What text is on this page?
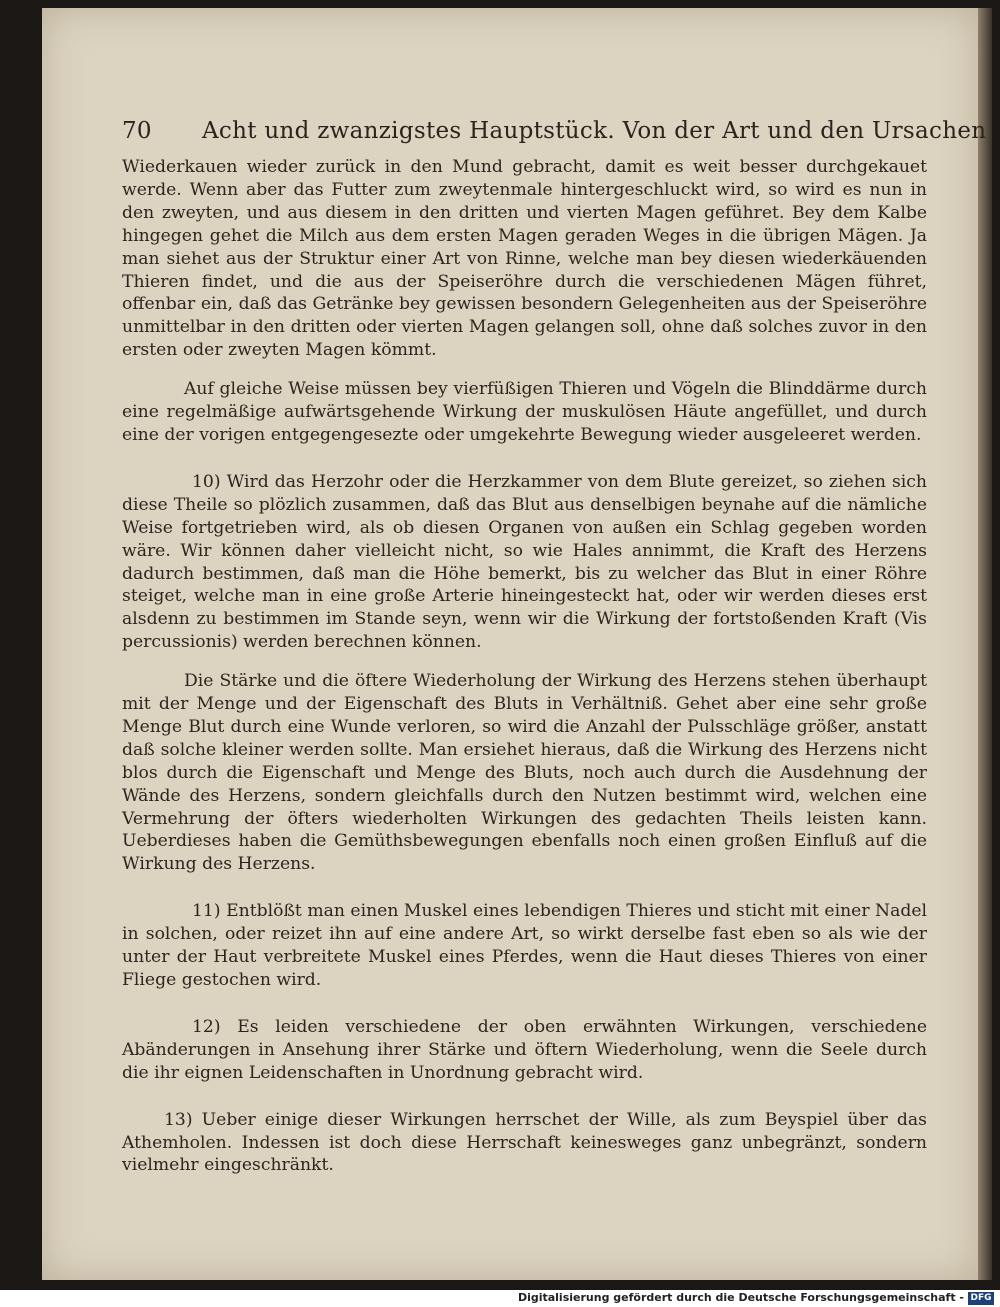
70 Acht und zwanzigstes Hauptstück. Von der Art und den Ursachen

Wiederkauen wieder zurück in den Mund gebracht, damit es weit besser durchgekauet werde. Wenn aber das Futter zum zweytenmale hintergeschluckt wird, so wird es nun in den zweyten, und aus diesem in den dritten und vierten Magen geführet. Bey dem Kalbe hingegen gehet die Milch aus dem ersten Magen geraden Weges in die übrigen Mägen. Ja man siehet aus der Struktur einer Art von Rinne, welche man bey diesen wiederkäuenden Thieren findet, und die aus der Speiseröhre durch die verschiedenen Mägen führet, offenbar ein, daß das Getränke bey gewissen besondern Gelegenheiten aus der Speiseröhre unmittelbar in den dritten oder vierten Magen gelangen soll, ohne daß solches zuvor in den ersten oder zweyten Magen kömmt.

Auf gleiche Weise müssen bey vierfüßigen Thieren und Vögeln die Blinddärme durch eine regelmäßige aufwärtsgehende Wirkung der muskulösen Häute angefüllet, und durch eine der vorigen entgegengesezte oder umgekehrte Bewegung wieder ausgeleeret werden.

10) Wird das Herzohr oder die Herzkammer von dem Blute gereizet, so ziehen sich diese Theile so plözlich zusammen, daß das Blut aus denselbigen beynahe auf die nämliche Weise fortgetrieben wird, als ob diesen Organen von außen ein Schlag gegeben worden wäre. Wir können daher vielleicht nicht, so wie Hales annimmt, die Kraft des Herzens dadurch bestimmen, daß man die Höhe bemerkt, bis zu welcher das Blut in einer Röhre steiget, welche man in eine große Arterie hineingesteckt hat, oder wir werden dieses erst alsdenn zu bestimmen im Stande seyn, wenn wir die Wirkung der fortstoßenden Kraft (Vis percussionis) werden berechnen können.

Die Stärke und die öftere Wiederholung der Wirkung des Herzens stehen überhaupt mit der Menge und der Eigenschaft des Bluts in Verhältniß. Gehet aber eine sehr große Menge Blut durch eine Wunde verloren, so wird die Anzahl der Pulsschläge größer, anstatt daß solche kleiner werden sollte. Man ersiehet hieraus, daß die Wirkung des Herzens nicht blos durch die Eigenschaft und Menge des Bluts, noch auch durch die Ausdehnung der Wände des Herzens, sondern gleichfalls durch den Nutzen bestimmt wird, welchen eine Vermehrung der öfters wiederholten Wirkungen des gedachten Theils leisten kann. Ueberdieses haben die Gemüthsbewegungen ebenfalls noch einen großen Einfluß auf die Wirkung des Herzens.

11) Entblößt man einen Muskel eines lebendigen Thieres und sticht mit einer Nadel in solchen, oder reizet ihn auf eine andere Art, so wirkt derselbe fast eben so als wie der unter der Haut verbreitete Muskel eines Pferdes, wenn die Haut dieses Thieres von einer Fliege gestochen wird.

12) Es leiden verschiedene der oben erwähnten Wirkungen, verschiedene Abänderungen in Ansehung ihrer Stärke und öftern Wiederholung, wenn die Seele durch die ihr eignen Leidenschaften in Unordnung gebracht wird.

13) Ueber einige dieser Wirkungen herrschet der Wille, als zum Beyspiel über das Athemholen. Indessen ist doch diese Herrschaft keinesweges ganz unbegränzt, sondern vielmehr eingeschränkt.

Digitalisierung gefördert durch die Deutsche Forschungsgemeinschaft - DFG
